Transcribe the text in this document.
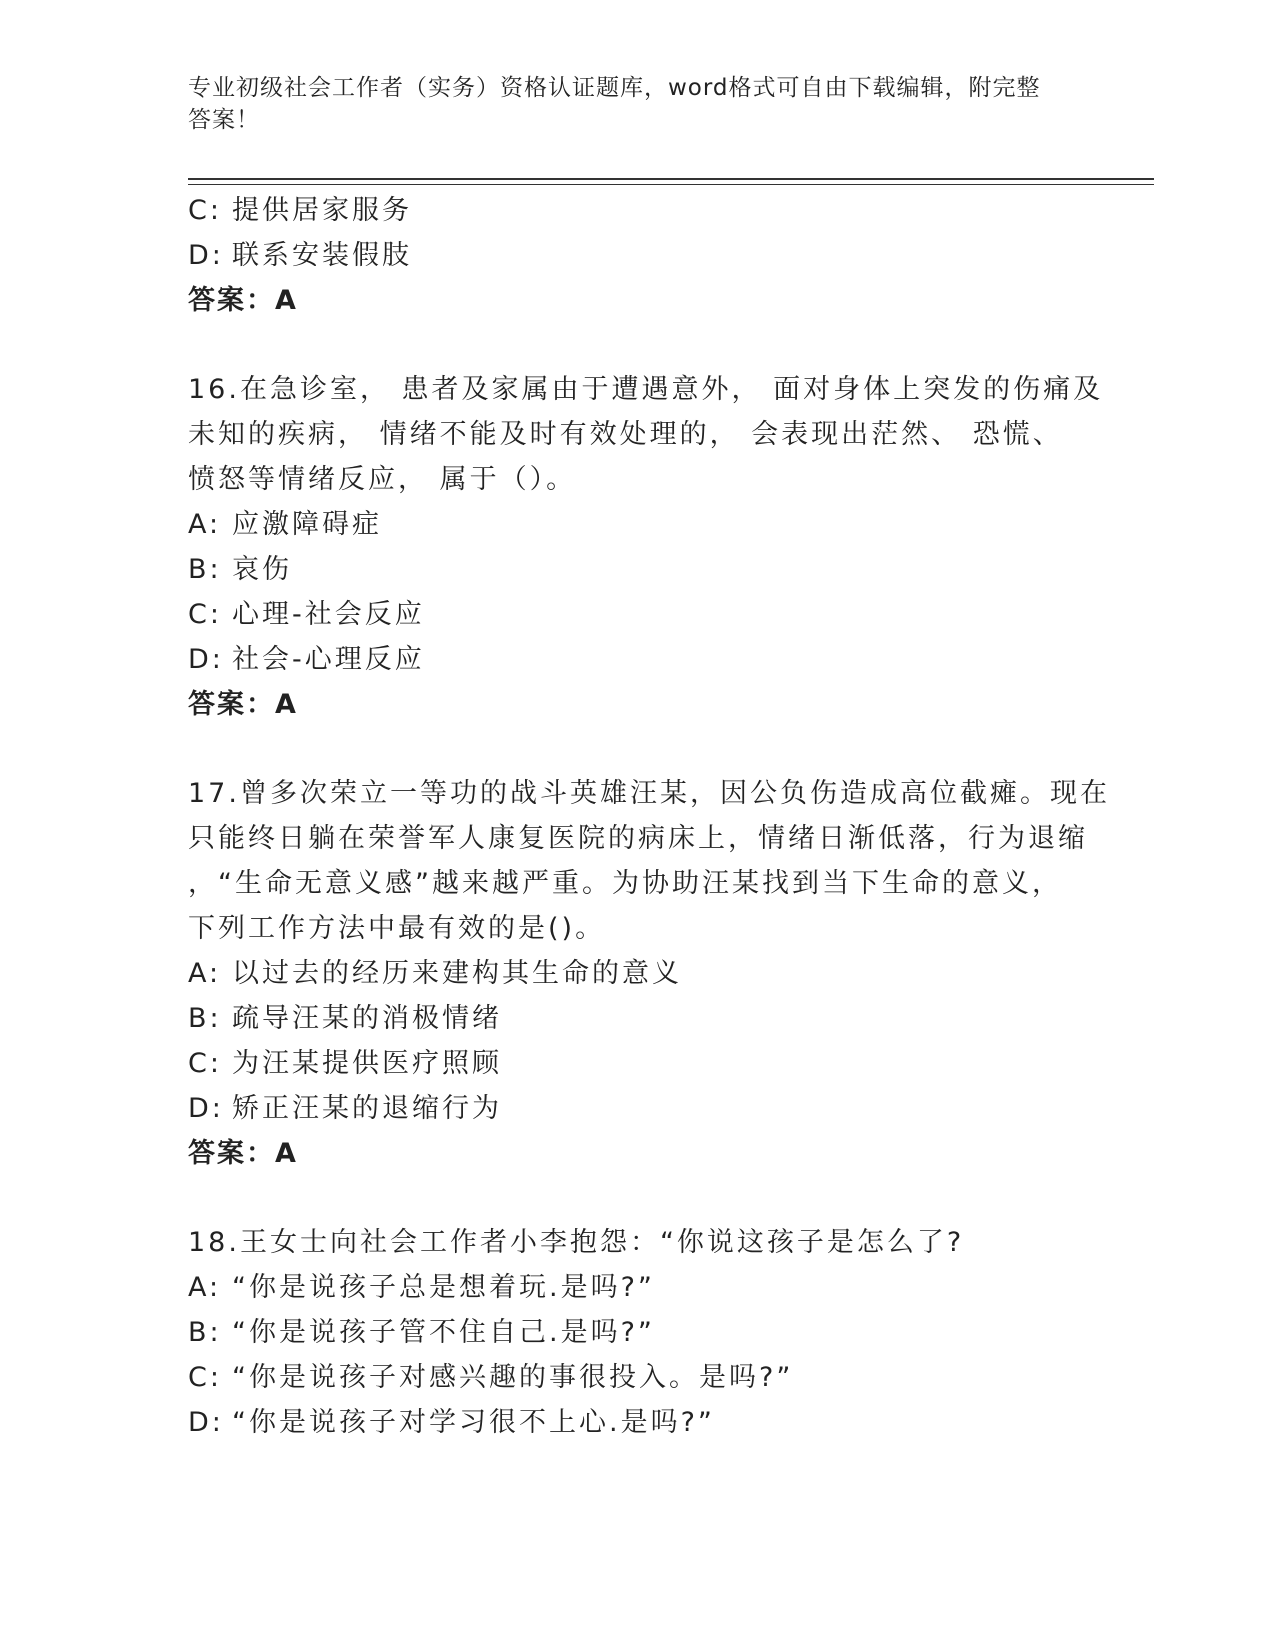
专业初级社会工作者（实务）资格认证题库，word格式可自由下载编辑，附完整
答案！
C: 提供居家服务
D: 联系安装假肢
答案：A
16.在急诊室， 患者及家属由于遭遇意外， 面对身体上突发的伤痛及
未知的疾病， 情绪不能及时有效处理的， 会表现出茫然、 恐慌、
愤怒等情绪反应， 属于（）。
A: 应激障碍症
B: 哀伤
C: 心理-社会反应
D: 社会-心理反应
答案：A
17.曾多次荣立一等功的战斗英雄汪某，因公负伤造成高位截瘫。现在
只能终日躺在荣誉军人康复医院的病床上，情绪日渐低落，行为退缩
，“生命无意义感”越来越严重。为协助汪某找到当下生命的意义，
下列工作方法中最有效的是()。
A: 以过去的经历来建构其生命的意义
B: 疏导汪某的消极情绪
C: 为汪某提供医疗照顾
D: 矫正汪某的退缩行为
答案：A
18.王女士向社会工作者小李抱怨：“你说这孩子是怎么了?
A: “你是说孩子总是想着玩.是吗?”
B: “你是说孩子管不住自己.是吗?”
C: “你是说孩子对感兴趣的事很投入。是吗?”
D: “你是说孩子对学习很不上心.是吗?”
